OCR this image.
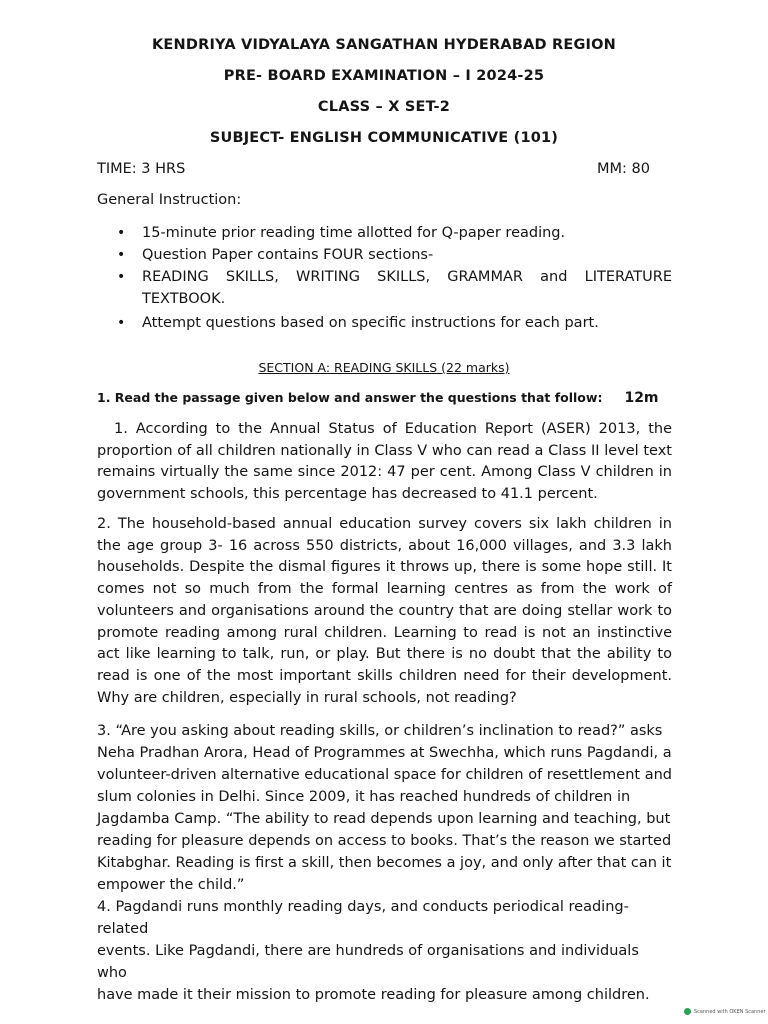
KENDRIYA VIDYALAYA SANGATHAN HYDERABAD REGION
PRE- BOARD EXAMINATION – I 2024-25
CLASS – X SET-2
SUBJECT- ENGLISH COMMUNICATIVE (101)
TIME: 3 HRS	MM: 80
General Instruction:
• 15-minute prior reading time allotted for Q-paper reading.
• Question Paper contains FOUR sections-
• READING SKILLS, WRITING SKILLS, GRAMMAR and LITERATURE
TEXTBOOK.
• Attempt questions based on specific instructions for each part.
SECTION A: READING SKILLS (22 marks)
1. Read the passage given below and answer the questions that follow: 12m

1. According to the Annual Status of Education Report (ASER) 2013, the proportion of all children nationally in Class V who can read a Class II level text remains virtually the same since 2012: 47 per cent. Among Class V children in government schools, this percentage has decreased to 41.1 percent.

2. The household-based annual education survey covers six lakh children in the age group 3- 16 across 550 districts, about 16,000 villages, and 3.3 lakh households. Despite the dismal figures it throws up, there is some hope still. It comes not so much from the formal learning centres as from the work of volunteers and organisations around the country that are doing stellar work to promote reading among rural children. Learning to read is not an instinctive act like learning to talk, run, or play. But there is no doubt that the ability to read is one of the most important skills children need for their development. Why are children, especially in rural schools, not reading?

3. “Are you asking about reading skills, or children’s inclination to read?” asks
Neha Pradhan Arora, Head of Programmes at Swechha, which runs Pagdandi, a
volunteer-driven alternative educational space for children of resettlement and
slum colonies in Delhi. Since 2009, it has reached hundreds of children in
Jagdamba Camp. “The ability to read depends upon learning and teaching, but
reading for pleasure depends on access to books. That’s the reason we started
Kitabghar. Reading is first a skill, then becomes a joy, and only after that can it
empower the child.”
4. Pagdandi runs monthly reading days, and conducts periodical reading-related
events. Like Pagdandi, there are hundreds of organisations and individuals who
have made it their mission to promote reading for pleasure among children.
Scanned with OKEN Scanner
